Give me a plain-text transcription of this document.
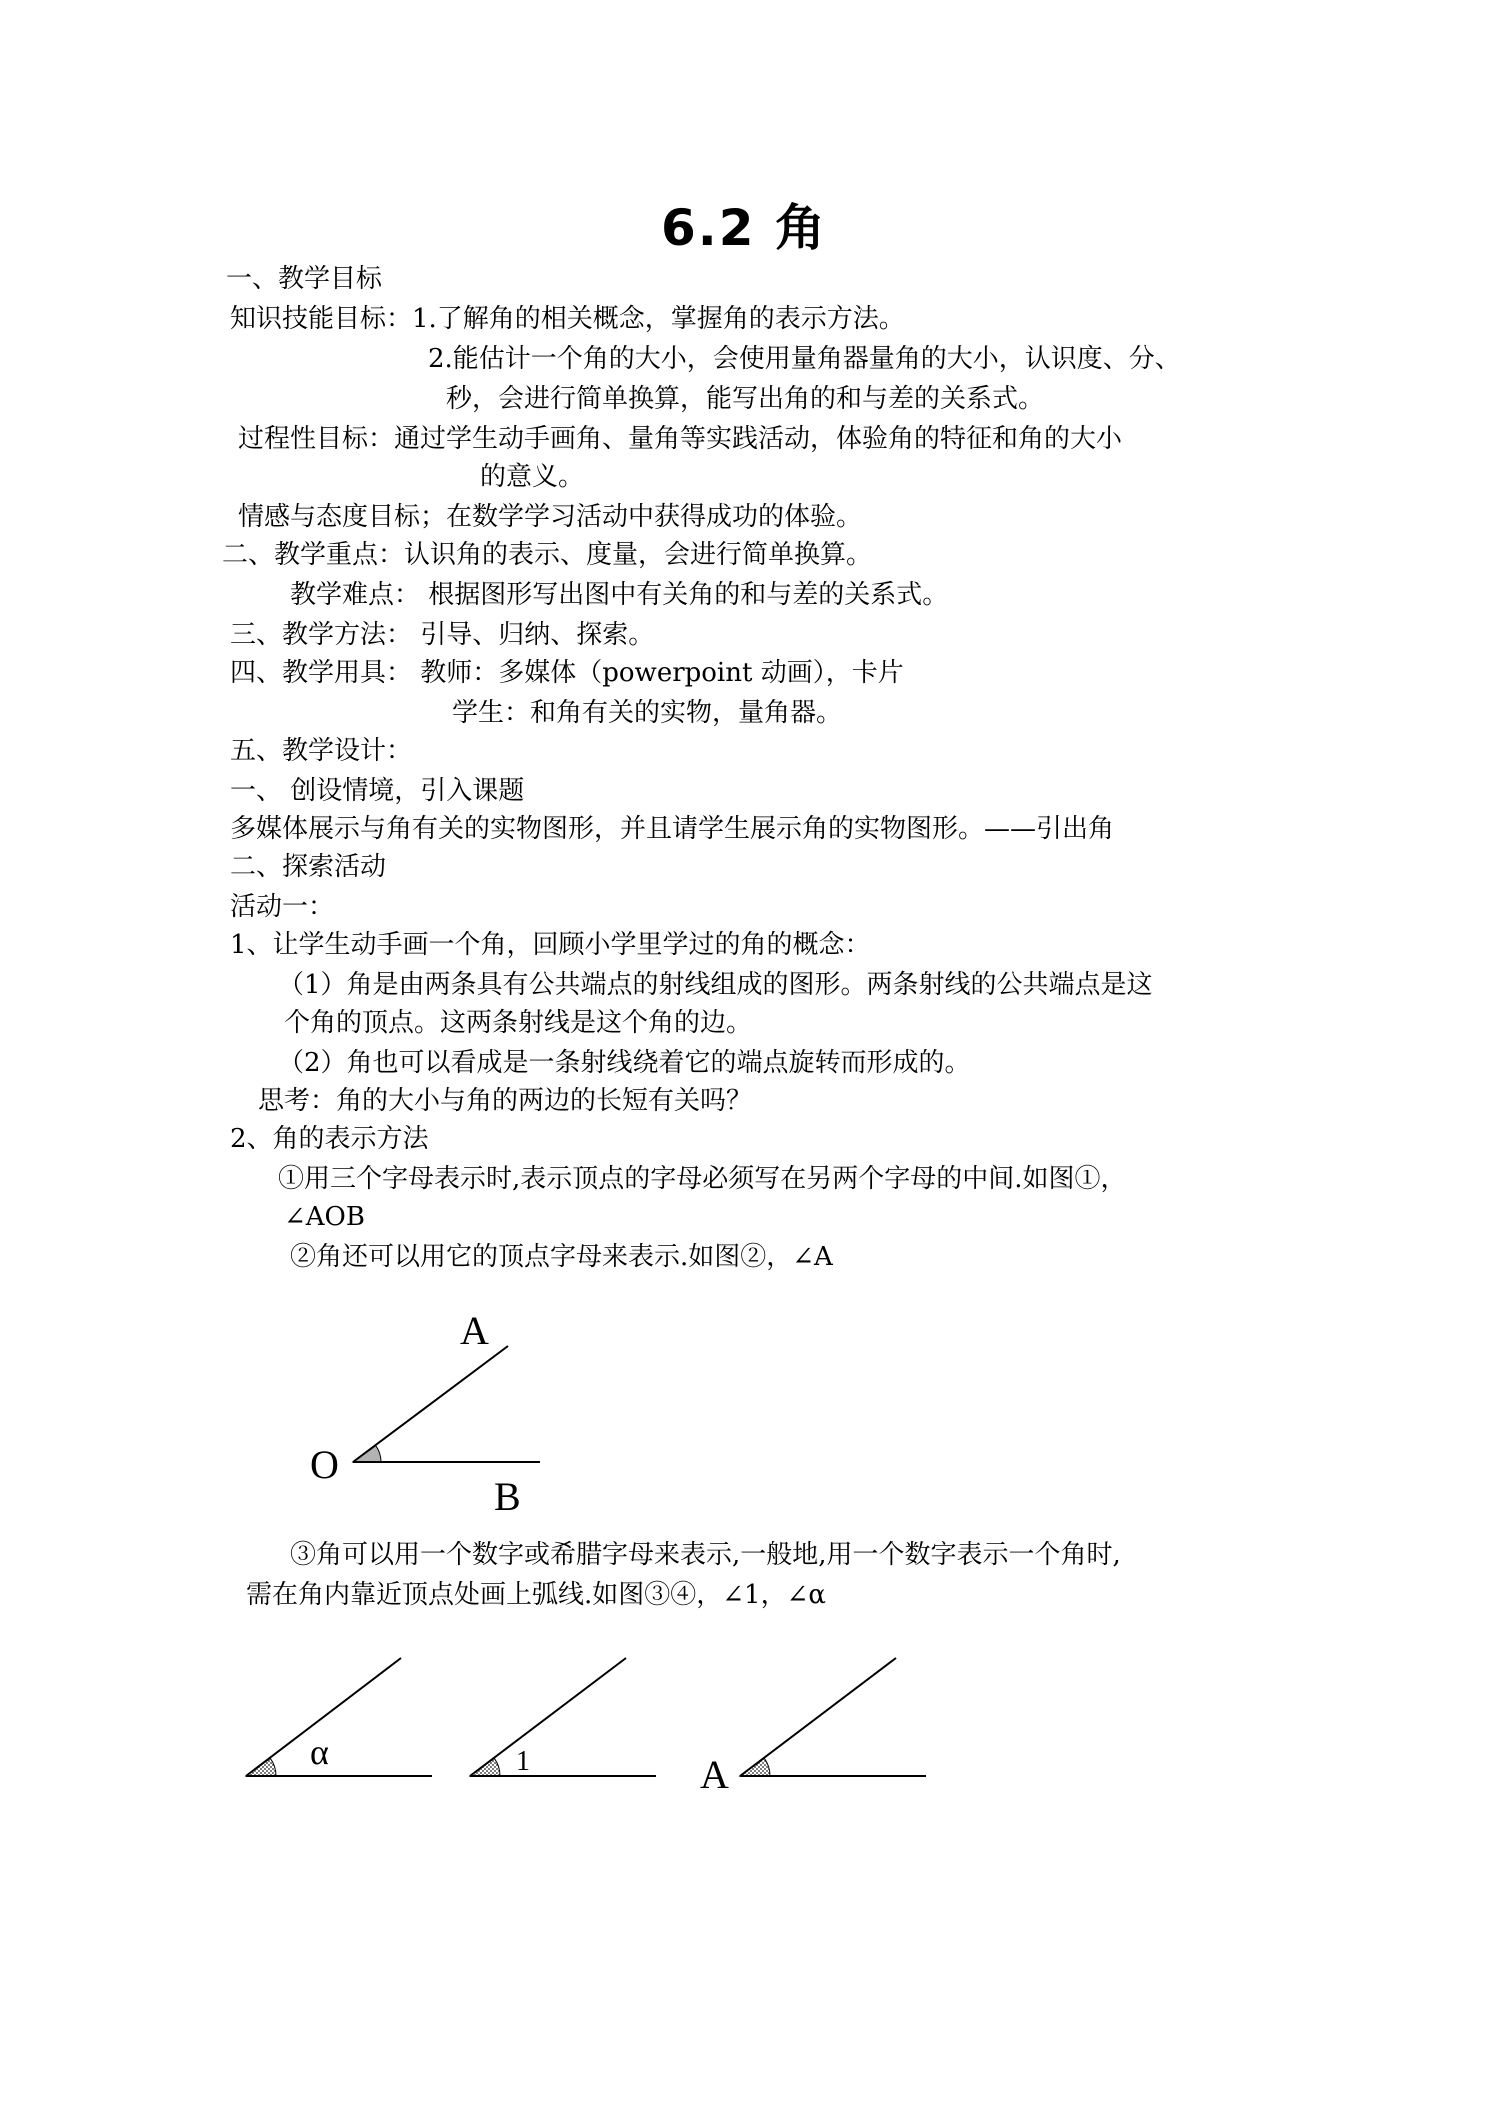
6.2 角
一、教学目标
知识技能目标：1.了解角的相关概念，掌握角的表示方法。
2.能估计一个角的大小，会使用量角器量角的大小，认识度、分、
秒，会进行简单换算，能写出角的和与差的关系式。
过程性目标：通过学生动手画角、量角等实践活动，体验角的特征和角的大小
的意义。
情感与态度目标；在数学学习活动中获得成功的体验。
二、教学重点：认识角的表示、度量，会进行简单换算。
教学难点： 根据图形写出图中有关角的和与差的关系式。
三、教学方法： 引导、归纳、探索。
四、教学用具： 教师：多媒体（powerpoint 动画），卡片
学生：和角有关的实物，量角器。
五、教学设计：
一、 创设情境，引入课题
多媒体展示与角有关的实物图形，并且请学生展示角的实物图形。——引出角
二、探索活动
活动一：
1、让学生动手画一个角，回顾小学里学过的角的概念：
（1）角是由两条具有公共端点的射线组成的图形。两条射线的公共端点是这
个角的顶点。这两条射线是这个角的边。
（2）角也可以看成是一条射线绕着它的端点旋转而形成的。
思考：角的大小与角的两边的长短有关吗？
2、角的表示方法
①用三个字母表示时,表示顶点的字母必须写在另两个字母的中间.如图①，
∠AOB
②角还可以用它的顶点字母来表示.如图②，∠A
③角可以用一个数字或希腊字母来表示,一般地,用一个数字表示一个角时,
需在角内靠近顶点处画上弧线.如图③④，∠1，∠α
A
O
B
α	1	A
